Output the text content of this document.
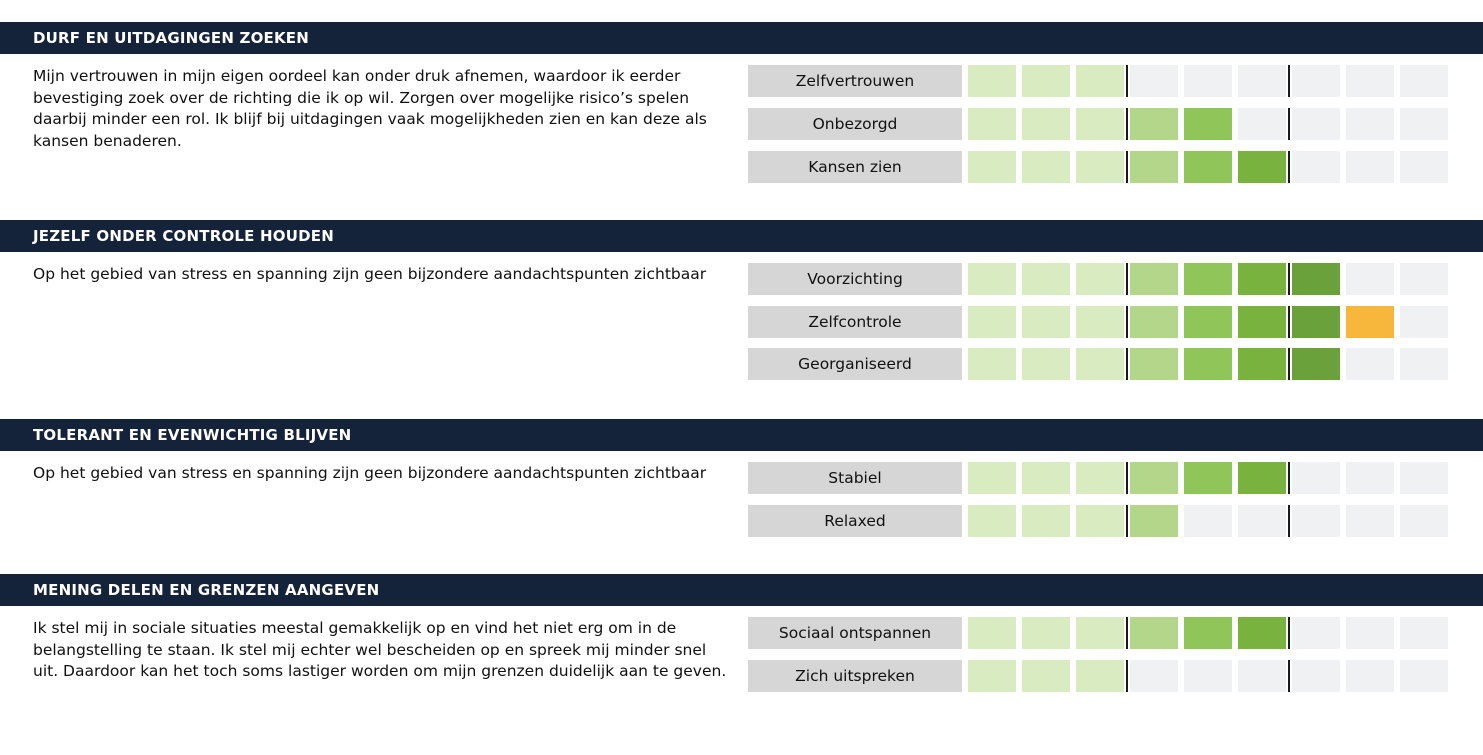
DURF EN UITDAGINGEN ZOEKEN

Mijn vertrouwen in mijn eigen oordeel kan onder druk afnemen, waardoor ik eerder bevestiging zoek over de richting die ik op wil. Zorgen over mogelijke risico’s spelen daarbij minder een rol. Ik blijf bij uitdagingen vaak mogelijkheden zien en kan deze als kansen benaderen.

Zelfvertrouwen
Onbezorgd
Kansen zien
JEZELF ONDER CONTROLE HOUDEN

Op het gebied van stress en spanning zijn geen bijzondere aandachtspunten zichtbaar	Voorzichting
Zelfcontrole
Georganiseerd
TOLERANT EN EVENWICHTIG BLIJVEN

Op het gebied van stress en spanning zijn geen bijzondere aandachtspunten zichtbaar	Stabiel
Relaxed
MENING DELEN EN GRENZEN AANGEVEN

Ik stel mij in sociale situaties meestal gemakkelijk op en vind het niet erg om in de belangstelling te staan. Ik stel mij echter wel bescheiden op en spreek mij minder snel uit. Daardoor kan het toch soms lastiger worden om mijn grenzen duidelijk aan te geven.

Sociaal ontspannen
Zich uitspreken
